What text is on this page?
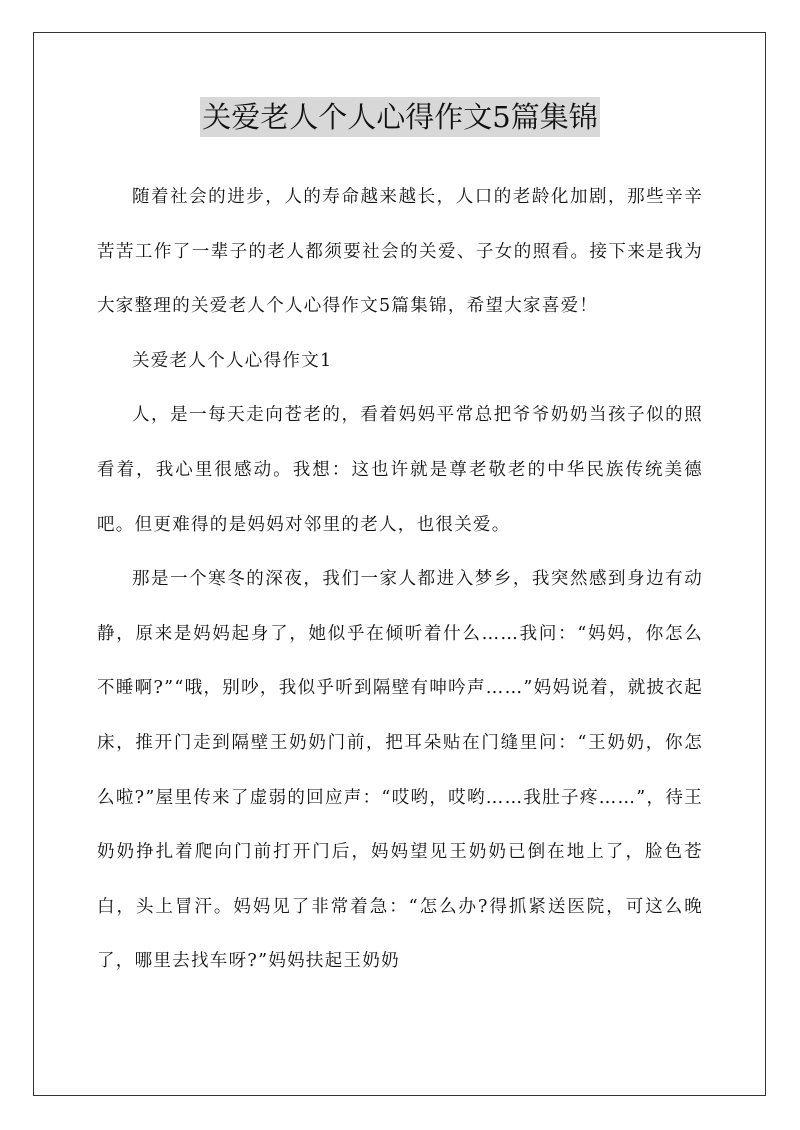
关爱老人个人心得作文5篇集锦

随着社会的进步，人的寿命越来越长，人口的老龄化加剧，那些辛辛苦苦工作了一辈子的老人都须要社会的关爱、子女的照看。接下来是我为大家整理的关爱老人个人心得作文5篇集锦，希望大家喜爱！

关爱老人个人心得作文1

人，是一每天走向苍老的，看着妈妈平常总把爷爷奶奶当孩子似的照看着，我心里很感动。我想：这也许就是尊老敬老的中华民族传统美德吧。但更难得的是妈妈对邻里的老人，也很关爱。

那是一个寒冬的深夜，我们一家人都进入梦乡，我突然感到身边有动静，原来是妈妈起身了，她似乎在倾听着什么……我问：“妈妈，你怎么不睡啊?”“哦，别吵，我似乎听到隔壁有呻吟声……”妈妈说着，就披衣起床，推开门走到隔壁王奶奶门前，把耳朵贴在门缝里问：“王奶奶，你怎么啦?”屋里传来了虚弱的回应声：“哎哟，哎哟……我肚子疼……”，待王奶奶挣扎着爬向门前打开门后，妈妈望见王奶奶已倒在地上了，脸色苍白，头上冒汗。妈妈见了非常着急：“怎么办?得抓紧送医院，可这么晚了，哪里去找车呀?”妈妈扶起王奶奶
